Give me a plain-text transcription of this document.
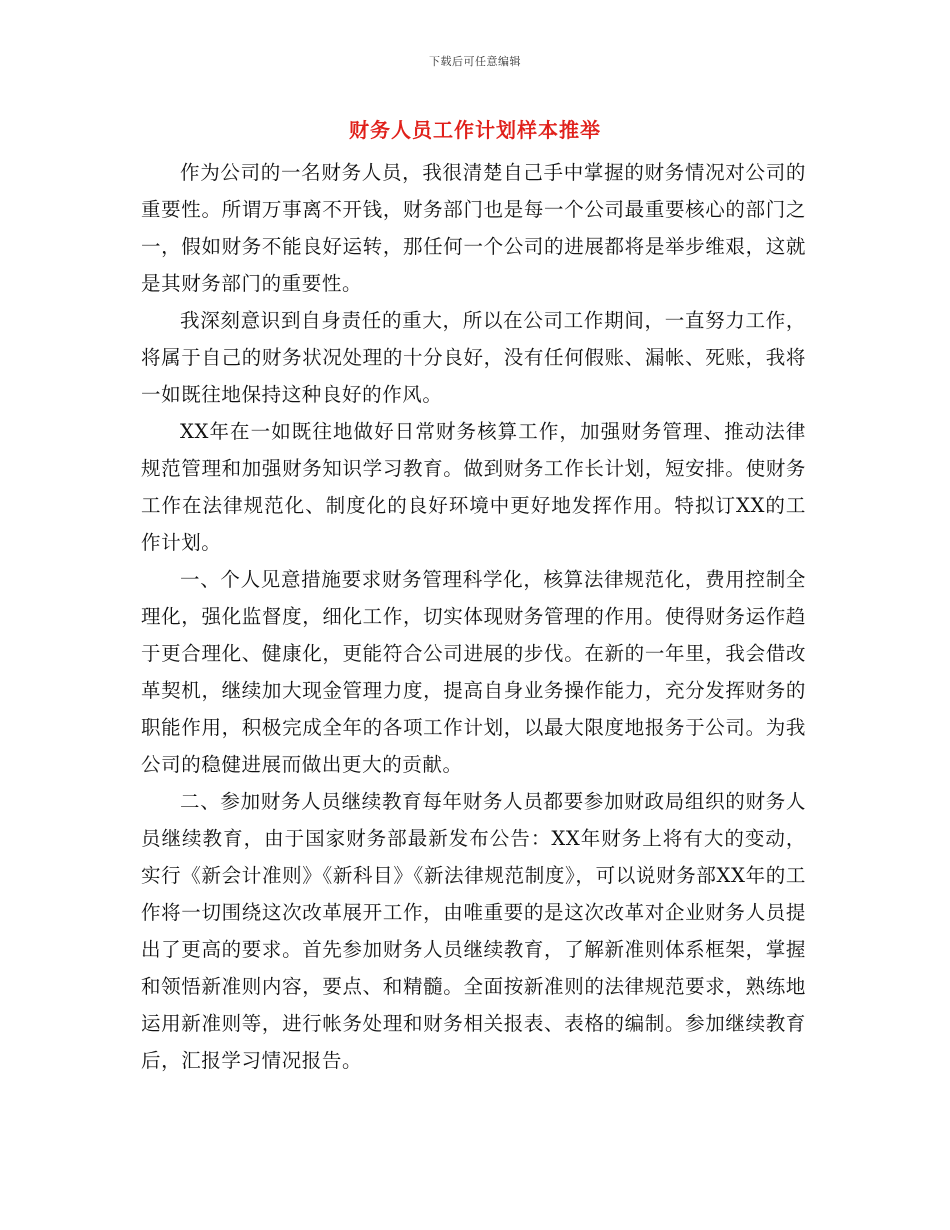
下载后可任意编辑
财务人员工作计划样本推举

作为公司的一名财务人员，我很清楚自己手中掌握的财务情况对公司的重要性。所谓万事离不开钱，财务部门也是每一个公司最重要核心的部门之一，假如财务不能良好运转，那任何一个公司的进展都将是举步维艰，这就是其财务部门的重要性。

我深刻意识到自身责任的重大，所以在公司工作期间，一直努力工作，将属于自己的财务状况处理的十分良好，没有任何假账、漏帐、死账，我将一如既往地保持这种良好的作风。

XX年在一如既往地做好日常财务核算工作，加强财务管理、推动法律规范管理和加强财务知识学习教育。做到财务工作长计划，短安排。使财务工作在法律规范化、制度化的良好环境中更好地发挥作用。特拟订XX的工作计划。

一、个人见意措施要求财务管理科学化，核算法律规范化，费用控制全理化，强化监督度，细化工作，切实体现财务管理的作用。使得财务运作趋于更合理化、健康化，更能符合公司进展的步伐。在新的一年里，我会借改革契机，继续加大现金管理力度，提高自身业务操作能力，充分发挥财务的职能作用，积极完成全年的各项工作计划，以最大限度地报务于公司。为我公司的稳健进展而做出更大的贡献。

二、参加财务人员继续教育每年财务人员都要参加财政局组织的财务人员继续教育，由于国家财务部最新发布公告：XX年财务上将有大的变动，实行《新会计准则》《新科目》《新法律规范制度》，可以说财务部XX年的工作将一切围绕这次改革展开工作，由唯重要的是这次改革对企业财务人员提出了更高的要求。首先参加财务人员继续教育，了解新准则体系框架，掌握和领悟新准则内容，要点、和精髓。全面按新准则的法律规范要求，熟练地运用新准则等，进行帐务处理和财务相关报表、表格的编制。参加继续教育后，汇报学习情况报告。
